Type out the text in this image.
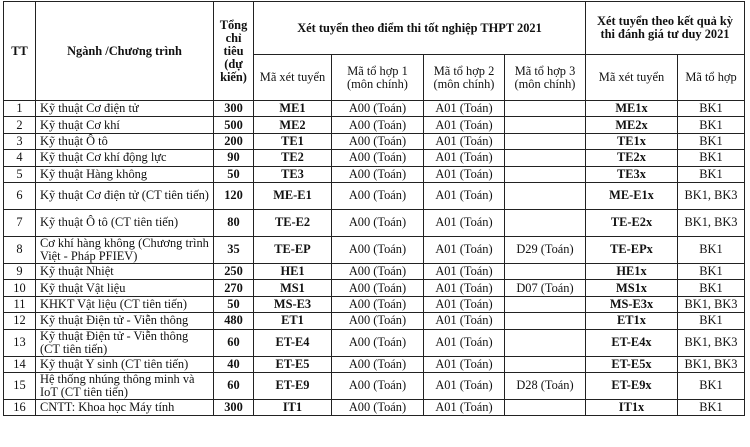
TT	Ngành /Chương trình	Tổng chỉ tiêu (dự kiến)	Xét tuyển theo điểm thi tốt nghiệp THPT 2021				Xét tuyển theo kết quả kỳ thi đánh giá tư duy 2021	
			Mã xét tuyển	Mã tổ hợp 1 (môn chính)	Mã tổ hợp 2 (môn chính)	Mã tổ hợp 3 (môn chính)	Mã xét tuyển	Mã tổ hợp
1	Kỹ thuật Cơ điện tử	300	ME1	A00 (Toán)	A01 (Toán)		ME1x	BK1
2	Kỹ thuật Cơ khí	500	ME2	A00 (Toán)	A01 (Toán)		ME2x	BK1
3	Kỹ thuật Ô tô	200	TE1	A00 (Toán)	A01 (Toán)		TE1x	BK1
4	Kỹ thuật Cơ khí động lực	90	TE2	A00 (Toán)	A01 (Toán)		TE2x	BK1
5	Kỹ thuật Hàng không	50	TE3	A00 (Toán)	A01 (Toán)		TE3x	BK1
6	Kỹ thuật Cơ điện tử (CT tiên tiến)	120	ME-E1	A00 (Toán)	A01 (Toán)		ME-E1x	BK1, BK3
7	Kỹ thuật Ô tô (CT tiên tiến)	80	TE-E2	A00 (Toán)	A01 (Toán)		TE-E2x	BK1, BK3
8	Cơ khí hàng không (Chương trình Việt - Pháp PFIEV)	35	TE-EP	A00 (Toán)	A01 (Toán)	D29 (Toán)	TE-EPx	BK1
9	Kỹ thuật Nhiệt	250	HE1	A00 (Toán)	A01 (Toán)		HE1x	BK1
10	Kỹ thuật Vật liệu	270	MS1	A00 (Toán)	A01 (Toán)	D07 (Toán)	MS1x	BK1
11	KHKT Vật liệu (CT tiên tiến)	50	MS-E3	A00 (Toán)	A01 (Toán)		MS-E3x	BK1, BK3
12	Kỹ thuật Điện tử - Viễn thông	480	ET1	A00 (Toán)	A01 (Toán)		ET1x	BK1
13	Kỹ thuật Điện tử - Viễn thông (CT tiên tiến)	60	ET-E4	A00 (Toán)	A01 (Toán)		ET-E4x	BK1, BK3
14	Kỹ thuật Y sinh (CT tiên tiến)	40	ET-E5	A00 (Toán)	A01 (Toán)		ET-E5x	BK1, BK3
15	Hệ thống nhúng thông minh và IoT (CT tiên tiến)	60	ET-E9	A00 (Toán)	A01 (Toán)	D28 (Toán)	ET-E9x	BK1
16	CNTT: Khoa học Máy tính	300	IT1	A00 (Toán)	A01 (Toán)		IT1x	BK1
